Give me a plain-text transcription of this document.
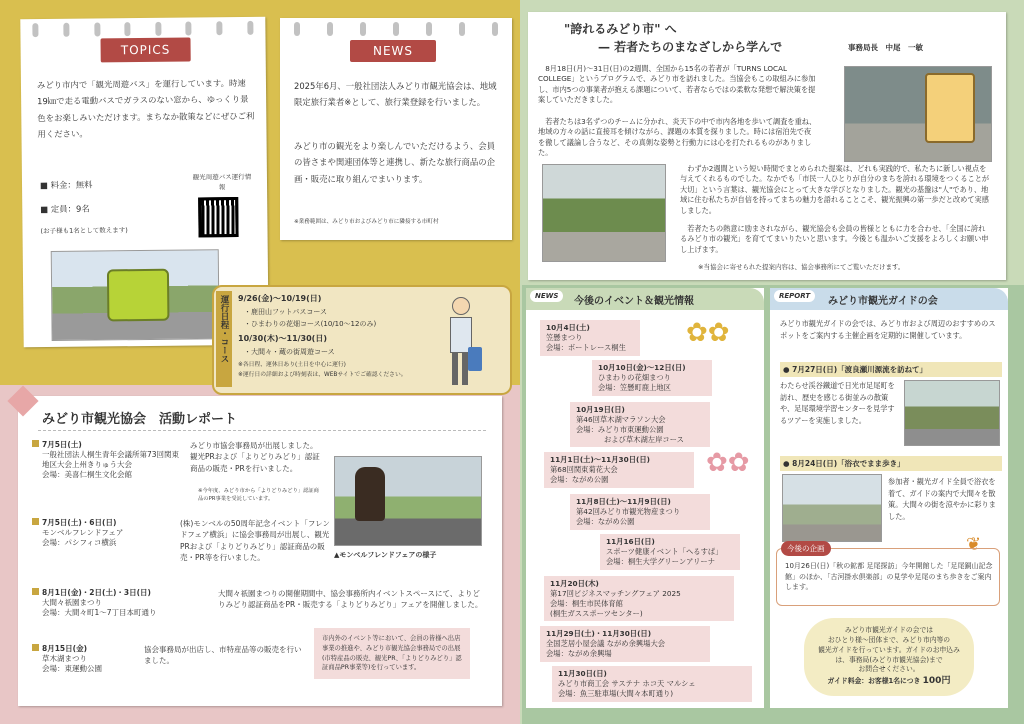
TOPICS
みどり市内で「観光周遊バス」を運行しています。時速19㎞で走る電動バスでガラスのない窓から、ゆっくり景色をお楽しみいただけます。まちなか散策などにぜひご利用ください。
■ 料金：無料
■ 定員：9名
(お子様も1名として数えます)
観光周遊バス運行情報
NEWS
2025年6月、一般社団法人みどり市観光協会は、地域限定旅行業者※として、旅行業登録を行いました。
みどり市の観光をより楽しんでいただけるよう、会員の皆さまや関連団体等と連携し、新たな旅行商品の企画・販売に取り組んでまいります。
※業務範囲は、みどり市およびみどり市に隣接する市町村
運行日程・コース	9/26(金)〜10/19(日)
・鹿田山フットパスコース
・ひまわりの花畑コース(10/10〜12のみ)
10/30(木)〜11/30(日)
・大間々・蔵の街周遊コース
※各日程、運休日あり(土日を中心に運行)
※運行日の詳細および時刻表は、WEBサイトでご確認ください。
みどり市観光協会　活動レポート
7月5日(土)
一般社団法人桐生青年会議所第73回関東地区大会上州きりゅう大会
会場：美喜仁桐生文化会館
みどり市協会事務局が出展しました。観光PRおよび「よりどりみどり」認証商品の販売・PRを行いました。
※今年度、みどり市から「よりどりみどり」認証商品のPR事業を受託しています。
7月5日(土)・6日(日)
モンベルフレンドフェア
会場：パシフィコ横浜
(株)モンベルの50周年記念イベント「フレンドフェア横浜」に協会事務局が出展し、観光PRおよび「よりどりみどり」認証商品の販売・PR等を行いました。	▲モンベルフレンドフェアの様子
8月1日(金)・2日(土)・3日(日)
大間々祇園まつり
会場：大間々町1〜7丁目本町通り
大間々祇園まつりの開催期間中、協会事務所内イベントスペースにて、よりどりみどり認証商品をPR・販売する「よりどりみどり」フェアを開催しました。
8月15日(金)
草木湖まつり
会場：東運動公園
協会事務局が出店し、市特産品等の販売を行いました。
市内外のイベント等において、会員の皆様へ出店事業の推進や、みどり市観光協会事務局での出展(市特産品の販売、観光PR、「よりどりみどり」認証商品PR事業等)を行っています。
"誇れるみどり市" へ
— 若者たちのまなざしから学んで	事務局長　中尾　一敏
8月18日(月)〜31日(日)の2週間、全国から15名の若者が「TURNS LOCAL COLLEGE」というプログラムで、みどり市を訪れました。当協会もこの取組みに参加し、市内5つの事業者が抱える課題について、若者ならではの柔軟な発想で解決策を提案していただきました。
若者たちは3名ずつのチームに分かれ、炎天下の中で市内各地を歩いて調査を重ね、地域の方々の話に直接耳を傾けながら、課題の本質を探りました。時には宿泊先で夜を徹して議論し合うなど、その真剣な姿勢と行動力には心を打たれるものがありました。
わずか2週間という短い時間でまとめられた提案は、どれも実践的で、私たちに新しい視点を与えてくれるものでした。なかでも「市民一人ひとりが自分のまちを誇れる環境をつくることが大切」という言葉は、観光協会にとって大きな学びとなりました。観光の基盤は"人"であり、地域に住む私たちが自信を持ってまちの魅力を語れることこそ、観光振興の第一歩だと改めて実感しました。
若者たちの熱意に励まされながら、観光協会も会員の皆様とともに力を合わせ、「全国に誇れるみどり市の観光」を育ててまいりたいと思います。今後とも温かいご支援をよろしくお願い申し上げます。
※当協会に寄せられた提案内容は、協会事務所にてご覧いただけます。
NEWS	今後のイベント＆観光情報
✿✿
✿✿
10月4日(土)
笠懸まつり
会場：ボートレース桐生
10月10日(金)〜12日(日)
ひまわりの花畑まつり
会場：笠懸町鹿上地区
10月19日(日)
第46回草木湖マラソン大会
会場：みどり市東運動公園
および草木湖左岸コース
11月1日(土)〜11月30日(日)
第68回関東菊花大会
会場：ながめ公園
11月8日(土)〜11月9日(日)
第42回みどり市観光物産まつり
会場：ながめ公園
11月16日(日)
スポーツ健康イベント「へるすぱ」
会場：桐生大学グリーンアリーナ
11月20日(木)
第17回ビジネスマッチングフェア 2025
会場：桐生市民体育館
(桐生ガススポーツセンター)
11月29日(土)・11月30日(日)
全国芝居小屋会議 ながめ余興場大会
会場：ながめ余興場
11月30日(日)
みどり市商工会 サステナ ホコ天 マルシェ
会場：魚三駐車場(大間々本町通り)
REPORT	みどり市観光ガイドの会
みどり市観光ガイドの会では、みどり市および周辺のおすすめのスポットをご案内する主催企画を定期的に開催しています。
● 7月27日(日)「渡良瀬川源流を訪ねて」
わたらせ渓谷鐵道で日光市足尾町を訪れ、歴史を感じる街並みの散策や、足尾環境学習センターを見学するツアーを実施しました。
● 8月24日(日)「浴衣でまま歩き」
参加者・観光ガイド全員で浴衣を着て、ガイドの案内で大間々を散策。大間々の街を涼やかに彩りました。
❦
今後の企画
10月26日(日)「秋の鉱都 足尾探訪」今年開館した「足尾銅山記念館」のほか、「古河掛水倶楽部」の見学や足尾のまち歩きをご案内します。
みどり市観光ガイドの会では
おひとり様〜団体まで、みどり市内等の
観光ガイドを行っています。ガイドのお申込みは、事務局(みどり市観光協会)まで
お問合せください。
ガイド料金：お客様1名につき 100円
